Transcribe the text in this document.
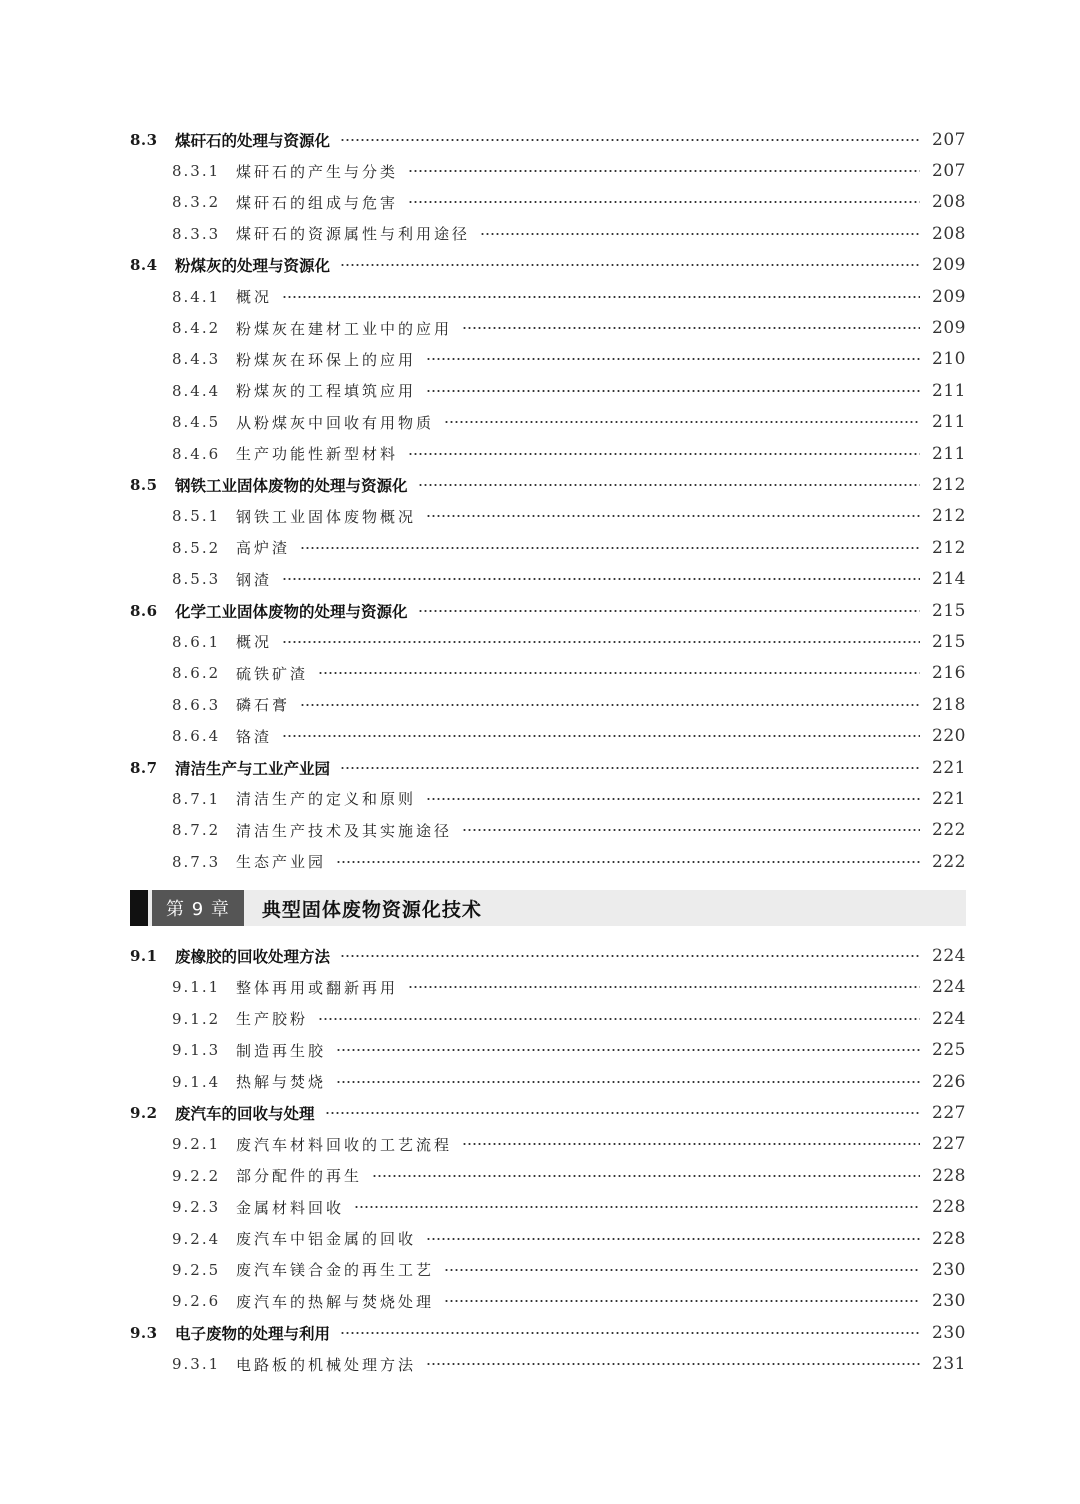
8.3	煤矸石的处理与资源化	207
8.3.1	煤矸石的产生与分类	207
8.3.2	煤矸石的组成与危害	208
8.3.3	煤矸石的资源属性与利用途径	208
8.4	粉煤灰的处理与资源化	209
8.4.1	概况	209
8.4.2	粉煤灰在建材工业中的应用	209
8.4.3	粉煤灰在环保上的应用	210
8.4.4	粉煤灰的工程填筑应用	211
8.4.5	从粉煤灰中回收有用物质	211
8.4.6	生产功能性新型材料	211
8.5	钢铁工业固体废物的处理与资源化	212
8.5.1	钢铁工业固体废物概况	212
8.5.2	高炉渣	212
8.5.3	钢渣	214
8.6	化学工业固体废物的处理与资源化	215
8.6.1	概况	215
8.6.2	硫铁矿渣	216
8.6.3	磷石膏	218
8.6.4	铬渣	220
8.7	清洁生产与工业产业园	221
8.7.1	清洁生产的定义和原则	221
8.7.2	清洁生产技术及其实施途径	222
8.7.3	生态产业园	222
第 9 章	典型固体废物资源化技术
9.1	废橡胶的回收处理方法	224
9.1.1	整体再用或翻新再用	224
9.1.2	生产胶粉	224
9.1.3	制造再生胶	225
9.1.4	热解与焚烧	226
9.2	废汽车的回收与处理	227
9.2.1	废汽车材料回收的工艺流程	227
9.2.2	部分配件的再生	228
9.2.3	金属材料回收	228
9.2.4	废汽车中铝金属的回收	228
9.2.5	废汽车镁合金的再生工艺	230
9.2.6	废汽车的热解与焚烧处理	230
9.3	电子废物的处理与利用	230
9.3.1	电路板的机械处理方法	231
